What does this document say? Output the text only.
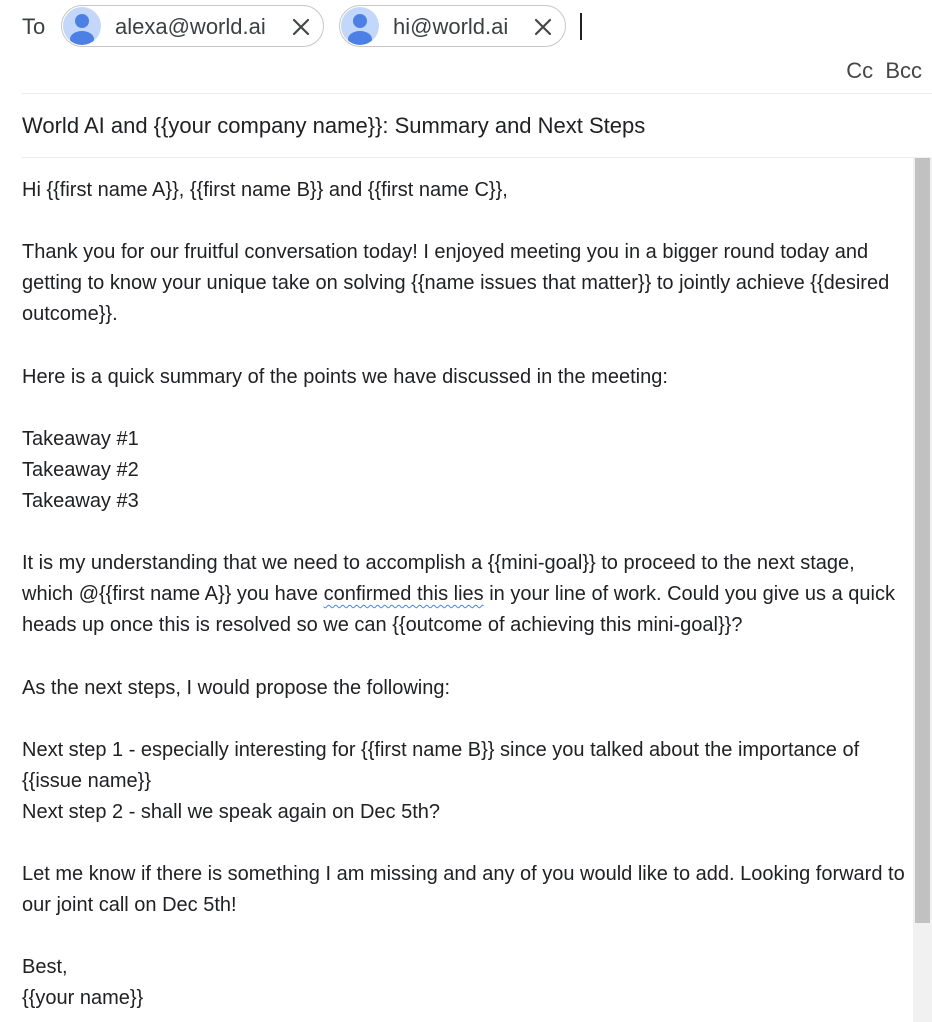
To	alexa@world.ai	hi@world.ai
Cc Bcc
World AI and {{your company name}}: Summary and Next Steps

Hi {{first name A}}, {{first name B}} and {{first name C}},

Thank you for our fruitful conversation today! I enjoyed meeting you in a bigger round today and getting to know your unique take on solving {{name issues that matter}} to jointly achieve {{desired outcome}}.

Here is a quick summary of the points we have discussed in the meeting:

Takeaway #1

Takeaway #2

Takeaway #3

It is my understanding that we need to accomplish a {{mini-goal}} to proceed to the next stage, which @{{first name A}} you have confirmed this lies in your line of work. Could you give us a quick heads up once this is resolved so we can {{outcome of achieving this mini-goal}}?

As the next steps, I would propose the following:

Next step 1 - especially interesting for {{first name B}} since you talked about the importance of {{issue name}}

Next step 2 - shall we speak again on Dec 5th?

Let me know if there is something I am missing and any of you would like to add. Looking forward to our joint call on Dec 5th!

Best,

{{your name}}
